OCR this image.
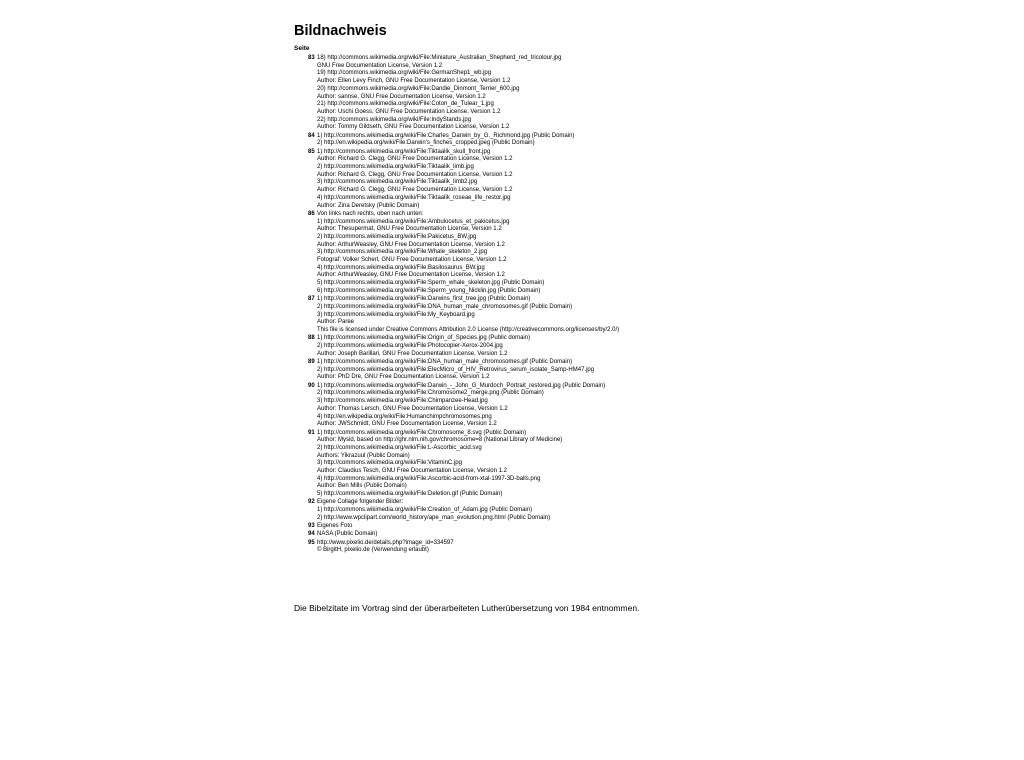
Bildnachweis
Seite
83 18) http://commons.wikimedia.org/wiki/File:Miniature_Australian_Shepherd_red_tricolour.jpg
GNU Free Documentation License, Version 1.2
19) http://commons.wikimedia.org/wiki/File:GermanShep1_wb.jpg
Author: Ellen Levy Finch, GNU Free Documentation License, Version 1.2
20) http://commons.wikimedia.org/wiki/File:Dandie_Dinmont_Terrier_600.jpg
Author: sannse, GNU Free Documentation License, Version 1.2
21) http://commons.wikimedia.org/wiki/File:Coton_de_Tulear_1.jpg
Author: Uschi Goess, GNU Free Documentation License, Version 1.2
22) http://commons.wikimedia.org/wiki/File:IndyStands.jpg
Author: Tommy Gildseth, GNU Free Documentation License, Version 1.2
84 1) http://commons.wikimedia.org/wiki/File:Charles_Darwin_by_G._Richmond.jpg (Public Domain)
2) http://en.wikipedia.org/wiki/File:Darwin's_finches_cropped.jpeg (Public Domain)
85 1) http://commons.wikimedia.org/wiki/File:Tiktaalik_skull_front.jpg
Author: Richard G. Clegg, GNU Free Documentation License, Version 1.2
2) http://commons.wikimedia.org/wiki/File:Tiktaalik_limb.jpg
Author: Richard G. Clegg, GNU Free Documentation License, Version 1.2
3) http://commons.wikimedia.org/wiki/File:Tiktaalik_limb2.jpg
Author: Richard G. Clegg, GNU Free Documentation License, Version 1.2
4) http://commons.wikimedia.org/wiki/File:Tiktaalik_roseae_life_restor.jpg
Author: Zina Deretsky (Public Domain)
86 Von links nach rechts, oben nach unten:
1) http://commons.wikimedia.org/wiki/File:Ambulocetus_et_pakicetus.jpg
Author: Thesupermat, GNU Free Documentation License, Version 1.2
2) http://commons.wikimedia.org/wiki/File:Pakicetus_BW.jpg
Author: ArthurWeasley, GNU Free Documentation License, Version 1.2
3) http://commons.wikimedia.org/wiki/File:Whale_skeleton_2.jpg
Fotograf: Volker Scherl, GNU Free Documentation License, Version 1.2
4) http://commons.wikimedia.org/wiki/File:Basilosaurus_BW.jpg
Author: ArthurWeasley, GNU Free Documentation License, Version 1.2
5) http://commons.wikimedia.org/wiki/File:Sperm_whale_skeleton.jpg (Public Domain)
6) http://commons.wikimedia.org/wiki/File:Sperm_young_Nicklin.jpg (Public Domain)
87 1) http://commons.wikimedia.org/wiki/File:Darwins_first_tree.jpg (Public Domain)
2) http://commons.wikimedia.org/wiki/File:DNA_human_male_chromosomes.gif (Public Domain)
3) http://commons.wikimedia.org/wiki/File:My_Keyboard.jpg
Author: Paree
This file is licensed under Creative Commons Attribution 2.0 License (http://creativecommons.org/licenses/by/2.0/)
88 1) http://commons.wikimedia.org/wiki/File:Origin_of_Species.jpg (Public domain)
2) http://commons.wikimedia.org/wiki/File:Photocopier-Xerox-2004.jpg
Author: Joseph Barillari, GNU Free Documentation License, Version 1.2
89 1) http://commons.wikimedia.org/wiki/File:DNA_human_male_chromosomes.gif (Public Domain)
2) http://commons.wikimedia.org/wiki/File:ElecMicro_of_HIV_Retrovirus_serum_isolate_Samp-HM47.jpg
Author: PhD Dre, GNU Free Documentation License, Version 1.2
90 1) http://commons.wikimedia.org/wiki/File:Darwin_-_John_G_Murdoch_Portrait_restored.jpg (Public Domain)
2) http://commons.wikimedia.org/wiki/File:Chromosome2_merge.png (Public Domain)
3) http://commons.wikimedia.org/wiki/File:Chimpanzee-Head.jpg
Author: Thomas Lersch, GNU Free Documentation License, Version 1.2
4) http://en.wikipedia.org/wiki/File:Humanchimpchromosomes.png
Author: JWSchmidt, GNU Free Documentation License, Version 1.2
91 1) http://commons.wikimedia.org/wiki/File:Chromosome_8.svg (Public Domain)
Author: Mysid, based on http://ghr.nlm.nih.gov/chromosome=8 (National Library of Medicine)
2) http://commons.wikimedia.org/wiki/File:L-Ascorbic_acid.svg
Authors: Yikrazuul (Public Domain)
3) http://commons.wikimedia.org/wiki/File:VitaminC.jpg
Author: Claudius Tesch, GNU Free Documentation License, Version 1.2
4) http://commons.wikimedia.org/wiki/File:Ascorbic-acid-from-xtal-1997-3D-balls.png
Author: Ben Mills (Public Domain)
5) http://commons.wikimedia.org/wiki/File:Deletion.gif (Public Domain)
92 Eigene Collage folgender Bilder:
1) http://commons.wikimedia.org/wiki/File:Creation_of_Adam.jpg (Public Domain)
2) http://www.wpclipart.com/world_history/ape_man_evolution.png.html (Public Domain)
93 Eigenes Foto
94 NASA (Public Domain)
95 http://www.pixelio.de/details.php?image_id=334597
© BirgitH, pixelio.de (Verwendung erlaubt)
Die Bibelzitate im Vortrag sind der überarbeiteten Lutherübersetzung von 1984 entnommen.
